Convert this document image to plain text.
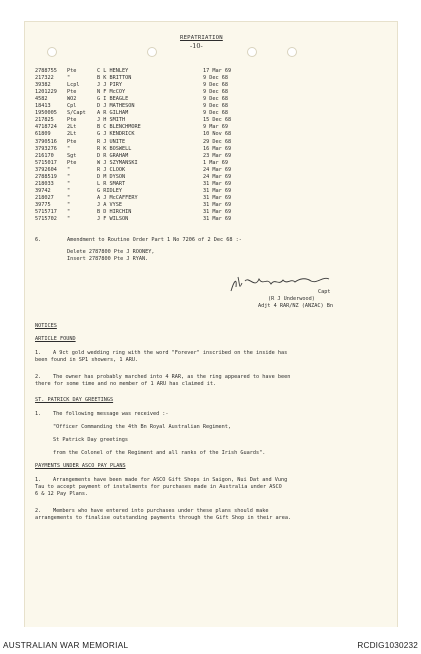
REPATRIATION
-10-
2788755 Pte	C L HENLEY	17 Mar 69
217322	"	B K BRITTON	9 Dec 68
39382	Lcpl	J J PIRY	9 Dec 68
1201229 Pte	N F McCOY	9 Dec 68
4582	WO2	G I BEAGLE	9 Dec 68
18413	Cpl	D J MATHESON	9 Dec 68
1950005 S/Capt A R GILHAM	9 Dec 68
217825	Pte	J H SMITH	15 Dec 68
4718724 2Lt	B C BLENCHMORE	9 Mar 69
61809	2Lt	G J KENDRICK	10 Nov 68
3790516 Pte	R J UNITE	29 Dec 68
3793276 "	R K BOSWELL	16 Mar 69
216170	Sgt	D R GRAHAM	23 Mar 69
5715017 Pte	W J SZYMANSKI	1 Mar 69
3792604 "	R J CLOOK	24 Mar 69
2788519 "	D M DYSON	24 Mar 69
218033	"	L R SMART	31 Mar 69
39742	"	G RIDLEY	31 Mar 69
218027	"	A J McCAFFERY	31 Mar 69
39775	"	J A VYSE	31 Mar 69
5715717 "	B D HIRCHIN	31 Mar 69
5715702 "	J F WILSON	31 Mar 69
6.	Amendment to Routine Order Part 1 No 7206 of 2 Dec 68 :-
Delete 2787800 Pte J ROONEY,
Insert 2787800 Pte J RYAN.
R J Underwood	Capt
(R J Underwood)
Adjt 4 RAR/NZ (ANZAC) Bn
NOTICES
ARTICLE FOUND
1. A 9ct gold wedding ring with the word "Forever" inscribed on the inside has
been found in SP1 showers, 1 ARU.
2. The owner has probably marched into 4 RAR, as the ring appeared to have been
there for some time and no member of 1 ARU has claimed it.
ST. PATRICK DAY GREETINGS
1. The following message was received :-
"Officer Commanding the 4th Bn Royal Australian Regiment,
St Patrick Day greetings
from the Colonel of the Regiment and all ranks of the Irish Guards".
PAYMENTS UNDER ASCO PAY PLANS
1. Arrangements have been made for ASCO Gift Shops in Saigon, Nui Dat and Vung
Tau to accept payment of instalments for purchases made in Australia under ASCO
6 & 12 Pay Plans.
2. Members who have entered into purchases under these plans should make
arrangements to finalise outstanding payments through the Gift Shop in their area.
AUSTRALIAN WAR MEMORIAL	RCDIG1030232
